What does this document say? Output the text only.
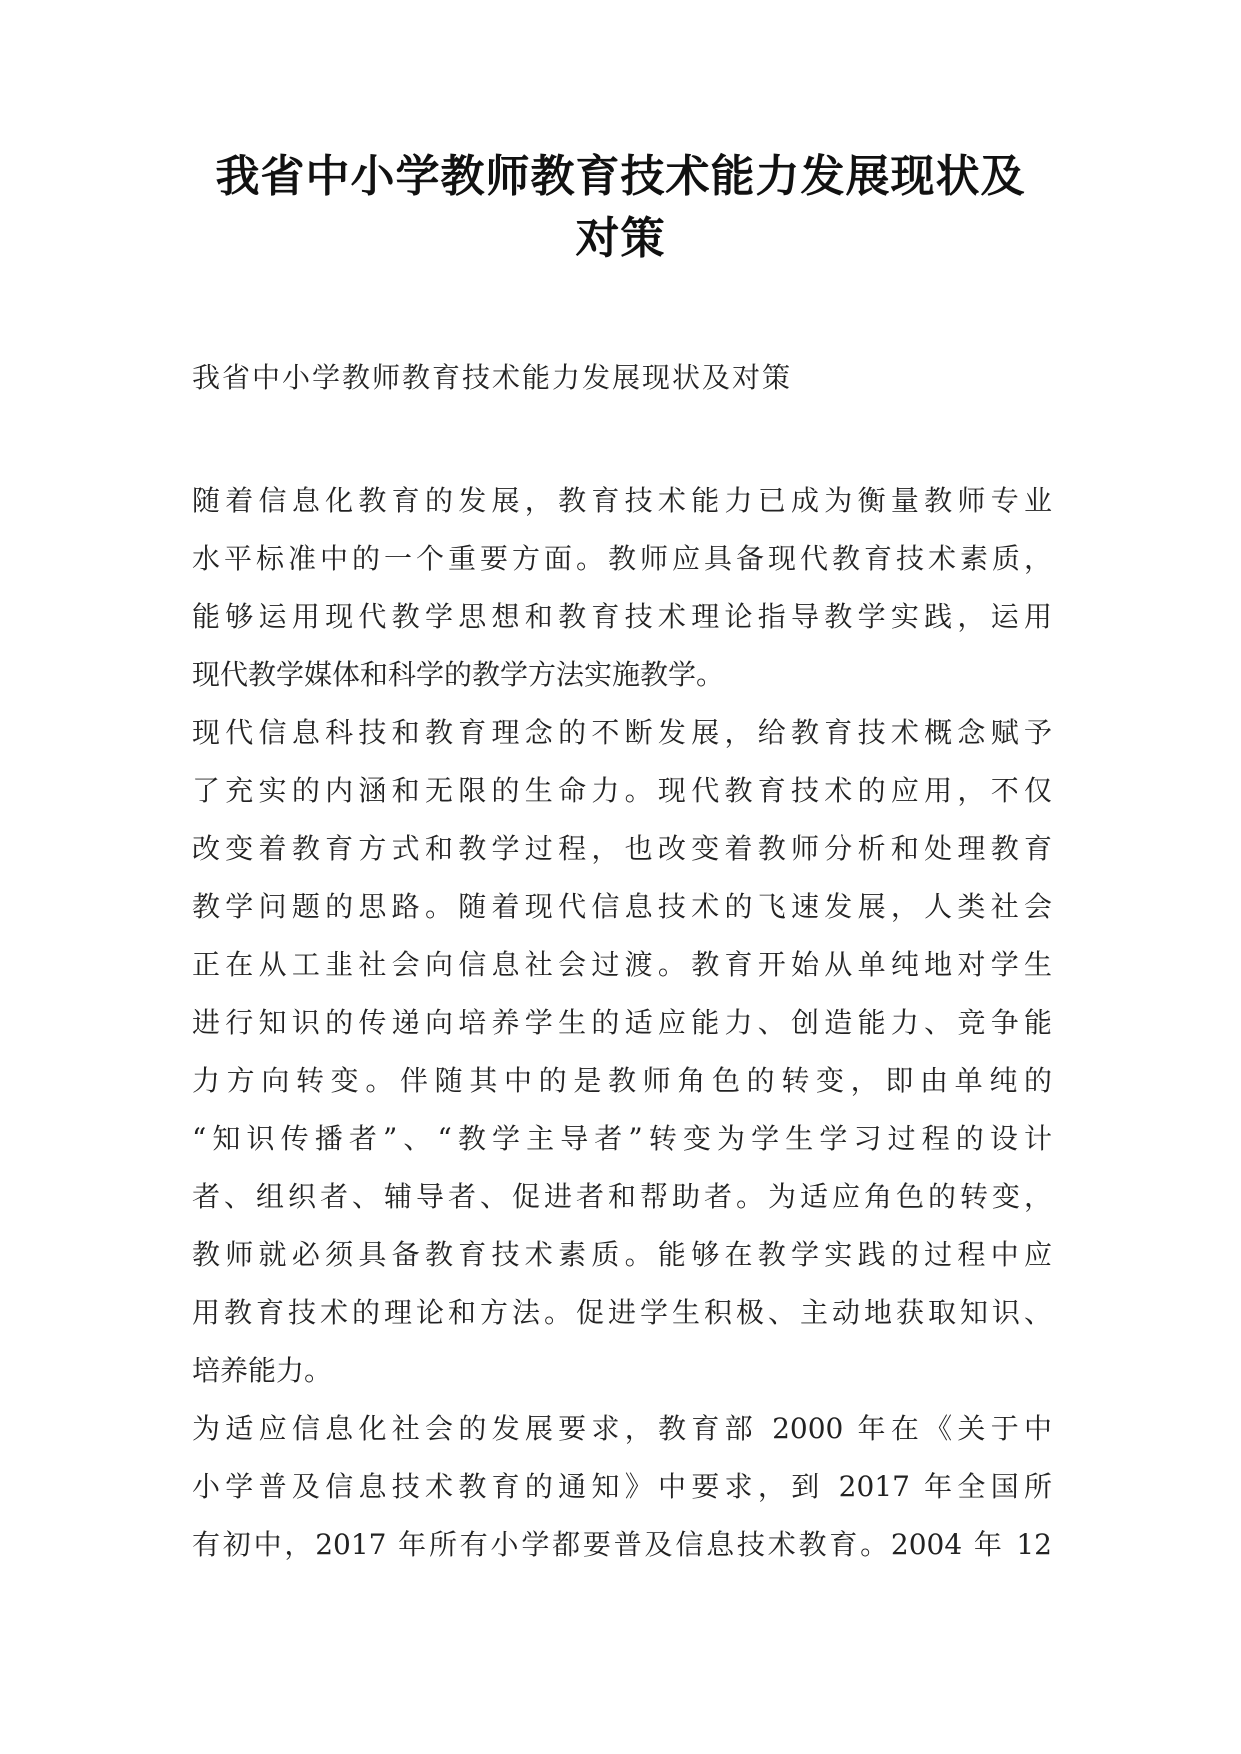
我省中小学教师教育技术能力发展现状及
对策

我省中小学教师教育技术能力发展现状及对策

随着信息化教育的发展，教育技术能力已成为衡量教师专业
水平标准中的一个重要方面。教师应具备现代教育技术素质，
能够运用现代教学思想和教育技术理论指导教学实践，运用
现代教学媒体和科学的教学方法实施教学。
现代信息科技和教育理念的不断发展，给教育技术概念赋予
了充实的内涵和无限的生命力。现代教育技术的应用，不仅
改变着教育方式和教学过程，也改变着教师分析和处理教育
教学问题的思路。随着现代信息技术的飞速发展，人类社会
正在从工韭社会向信息社会过渡。教育开始从单纯地对学生
进行知识的传递向培养学生的适应能力、创造能力、竞争能
力方向转变。伴随其中的是教师角色的转变，即由单纯的
“知识传播者”、“教学主导者”转变为学生学习过程的设计
者、组织者、辅导者、促进者和帮助者。为适应角色的转变，
教师就必须具备教育技术素质。能够在教学实践的过程中应
用教育技术的理论和方法。促进学生积极、主动地获取知识、
培养能力。
为适应信息化社会的发展要求，教育部 2000 年在《关于中
小学普及信息技术教育的通知》中要求，到 2017 年全国所
有初中，2017 年所有小学都要普及信息技术教育。2004 年 12
